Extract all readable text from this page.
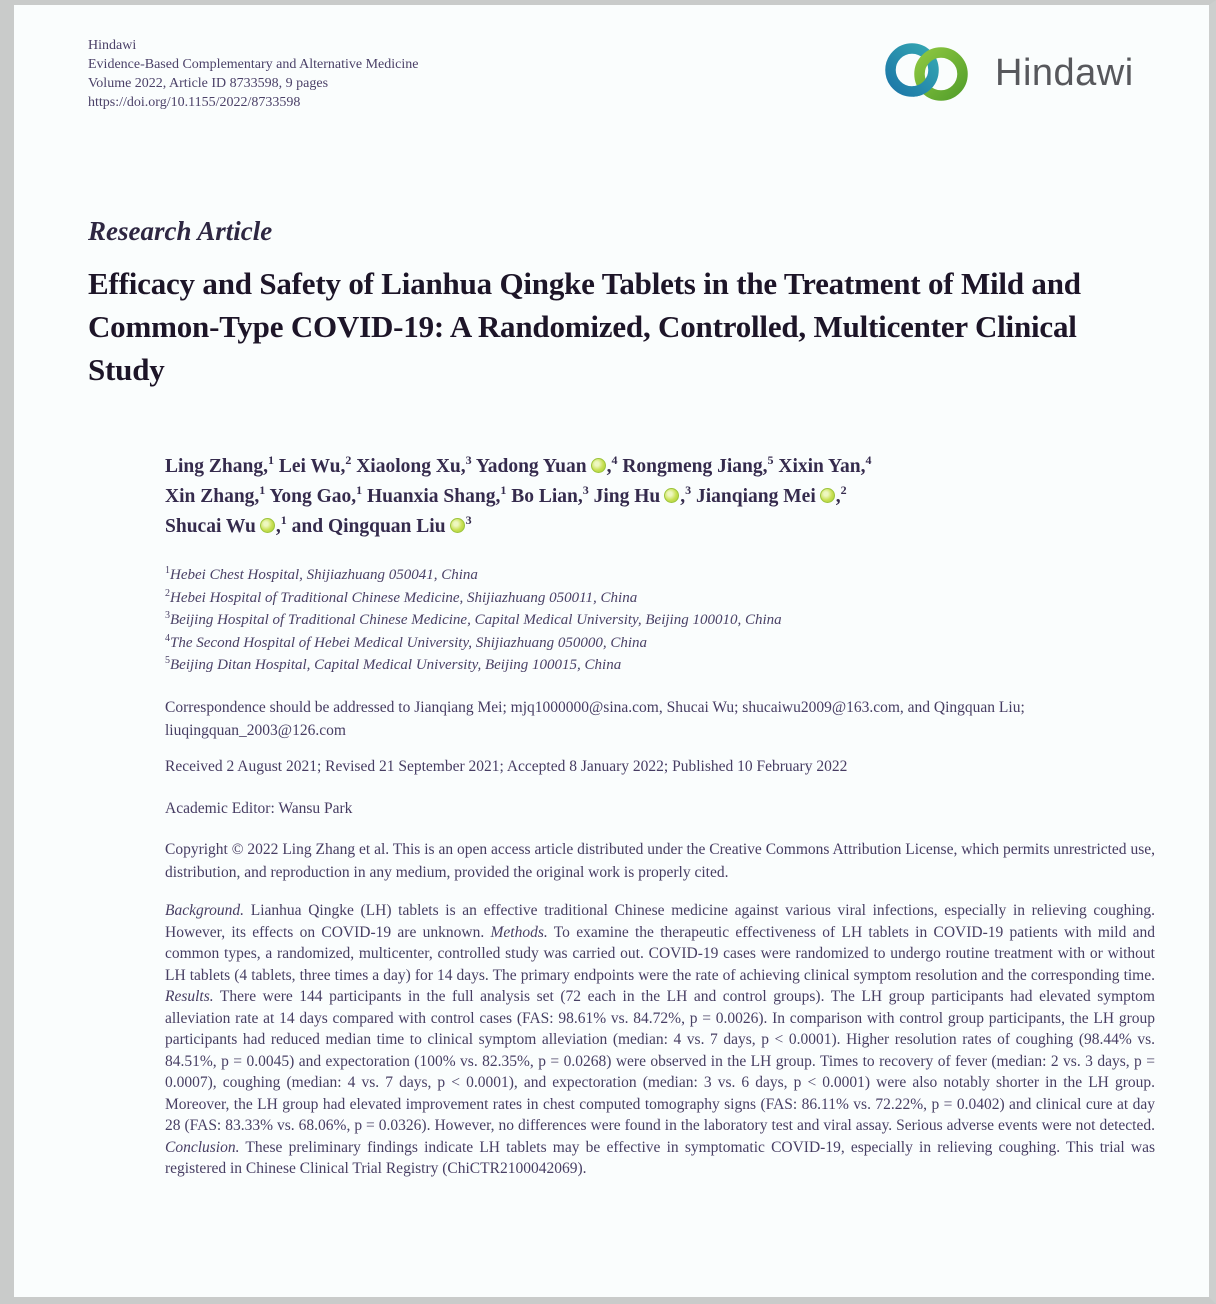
Hindawi
Evidence-Based Complementary and Alternative Medicine
Volume 2022, Article ID 8733598, 9 pages
https://doi.org/10.1155/2022/8733598
Hindawi
Research Article
Efficacy and Safety of Lianhua Qingke Tablets in the Treatment of Mild and Common-Type COVID-19: A Randomized, Controlled, Multicenter Clinical Study
Ling Zhang,$^1$ Lei Wu,$^2$ Xiaolong Xu,$^3$ Yadong Yuan ,$^4$ Rongmeng Jiang,$^5$ Xixin Yan,$^4$
Xin Zhang,$^1$ Yong Gao,$^1$ Huanxia Shang,$^1$ Bo Lian,$^3$ Jing Hu ,$^3$ Jianqiang Mei ,$^2$
Shucai Wu ,$^1$ and Qingquan Liu $^3$
$^1$Hebei Chest Hospital, Shijiazhuang 050041, China
$^2$Hebei Hospital of Traditional Chinese Medicine, Shijiazhuang 050011, China
$^3$Beijing Hospital of Traditional Chinese Medicine, Capital Medical University, Beijing 100010, China
$^4$The Second Hospital of Hebei Medical University, Shijiazhuang 050000, China
$^5$Beijing Ditan Hospital, Capital Medical University, Beijing 100015, China
Correspondence should be addressed to Jianqiang Mei; mjq1000000@sina.com, Shucai Wu; shucaiwu2009@163.com, and Qingquan Liu; liuqingquan_2003@126.com
Received 2 August 2021; Revised 21 September 2021; Accepted 8 January 2022; Published 10 February 2022
Academic Editor: Wansu Park
Copyright © 2022 Ling Zhang et al. This is an open access article distributed under the Creative Commons Attribution License, which permits unrestricted use, distribution, and reproduction in any medium, provided the original work is properly cited.
Background. Lianhua Qingke (LH) tablets is an effective traditional Chinese medicine against various viral infections, especially in relieving coughing. However, its effects on COVID-19 are unknown. Methods. To examine the therapeutic effectiveness of LH tablets in COVID-19 patients with mild and common types, a randomized, multicenter, controlled study was carried out. COVID-19 cases were randomized to undergo routine treatment with or without LH tablets (4 tablets, three times a day) for 14 days. The primary endpoints were the rate of achieving clinical symptom resolution and the corresponding time. Results. There were 144 participants in the full analysis set (72 each in the LH and control groups). The LH group participants had elevated symptom alleviation rate at 14 days compared with control cases (FAS: 98.61% vs. 84.72%, p = 0.0026). In comparison with control group participants, the LH group participants had reduced median time to clinical symptom alleviation (median: 4 vs. 7 days, p < 0.0001). Higher resolution rates of coughing (98.44% vs. 84.51%, p = 0.0045) and expectoration (100% vs. 82.35%, p = 0.0268) were observed in the LH group. Times to recovery of fever (median: 2 vs. 3 days, p = 0.0007), coughing (median: 4 vs. 7 days, p < 0.0001), and expectoration (median: 3 vs. 6 days, p < 0.0001) were also notably shorter in the LH group. Moreover, the LH group had elevated improvement rates in chest computed tomography signs (FAS: 86.11% vs. 72.22%, p = 0.0402) and clinical cure at day 28 (FAS: 83.33% vs. 68.06%, p = 0.0326). However, no differences were found in the laboratory test and viral assay. Serious adverse events were not detected. Conclusion. These preliminary findings indicate LH tablets may be effective in symptomatic COVID-19, especially in relieving coughing. This trial was registered in Chinese Clinical Trial Registry (ChiCTR2100042069).
